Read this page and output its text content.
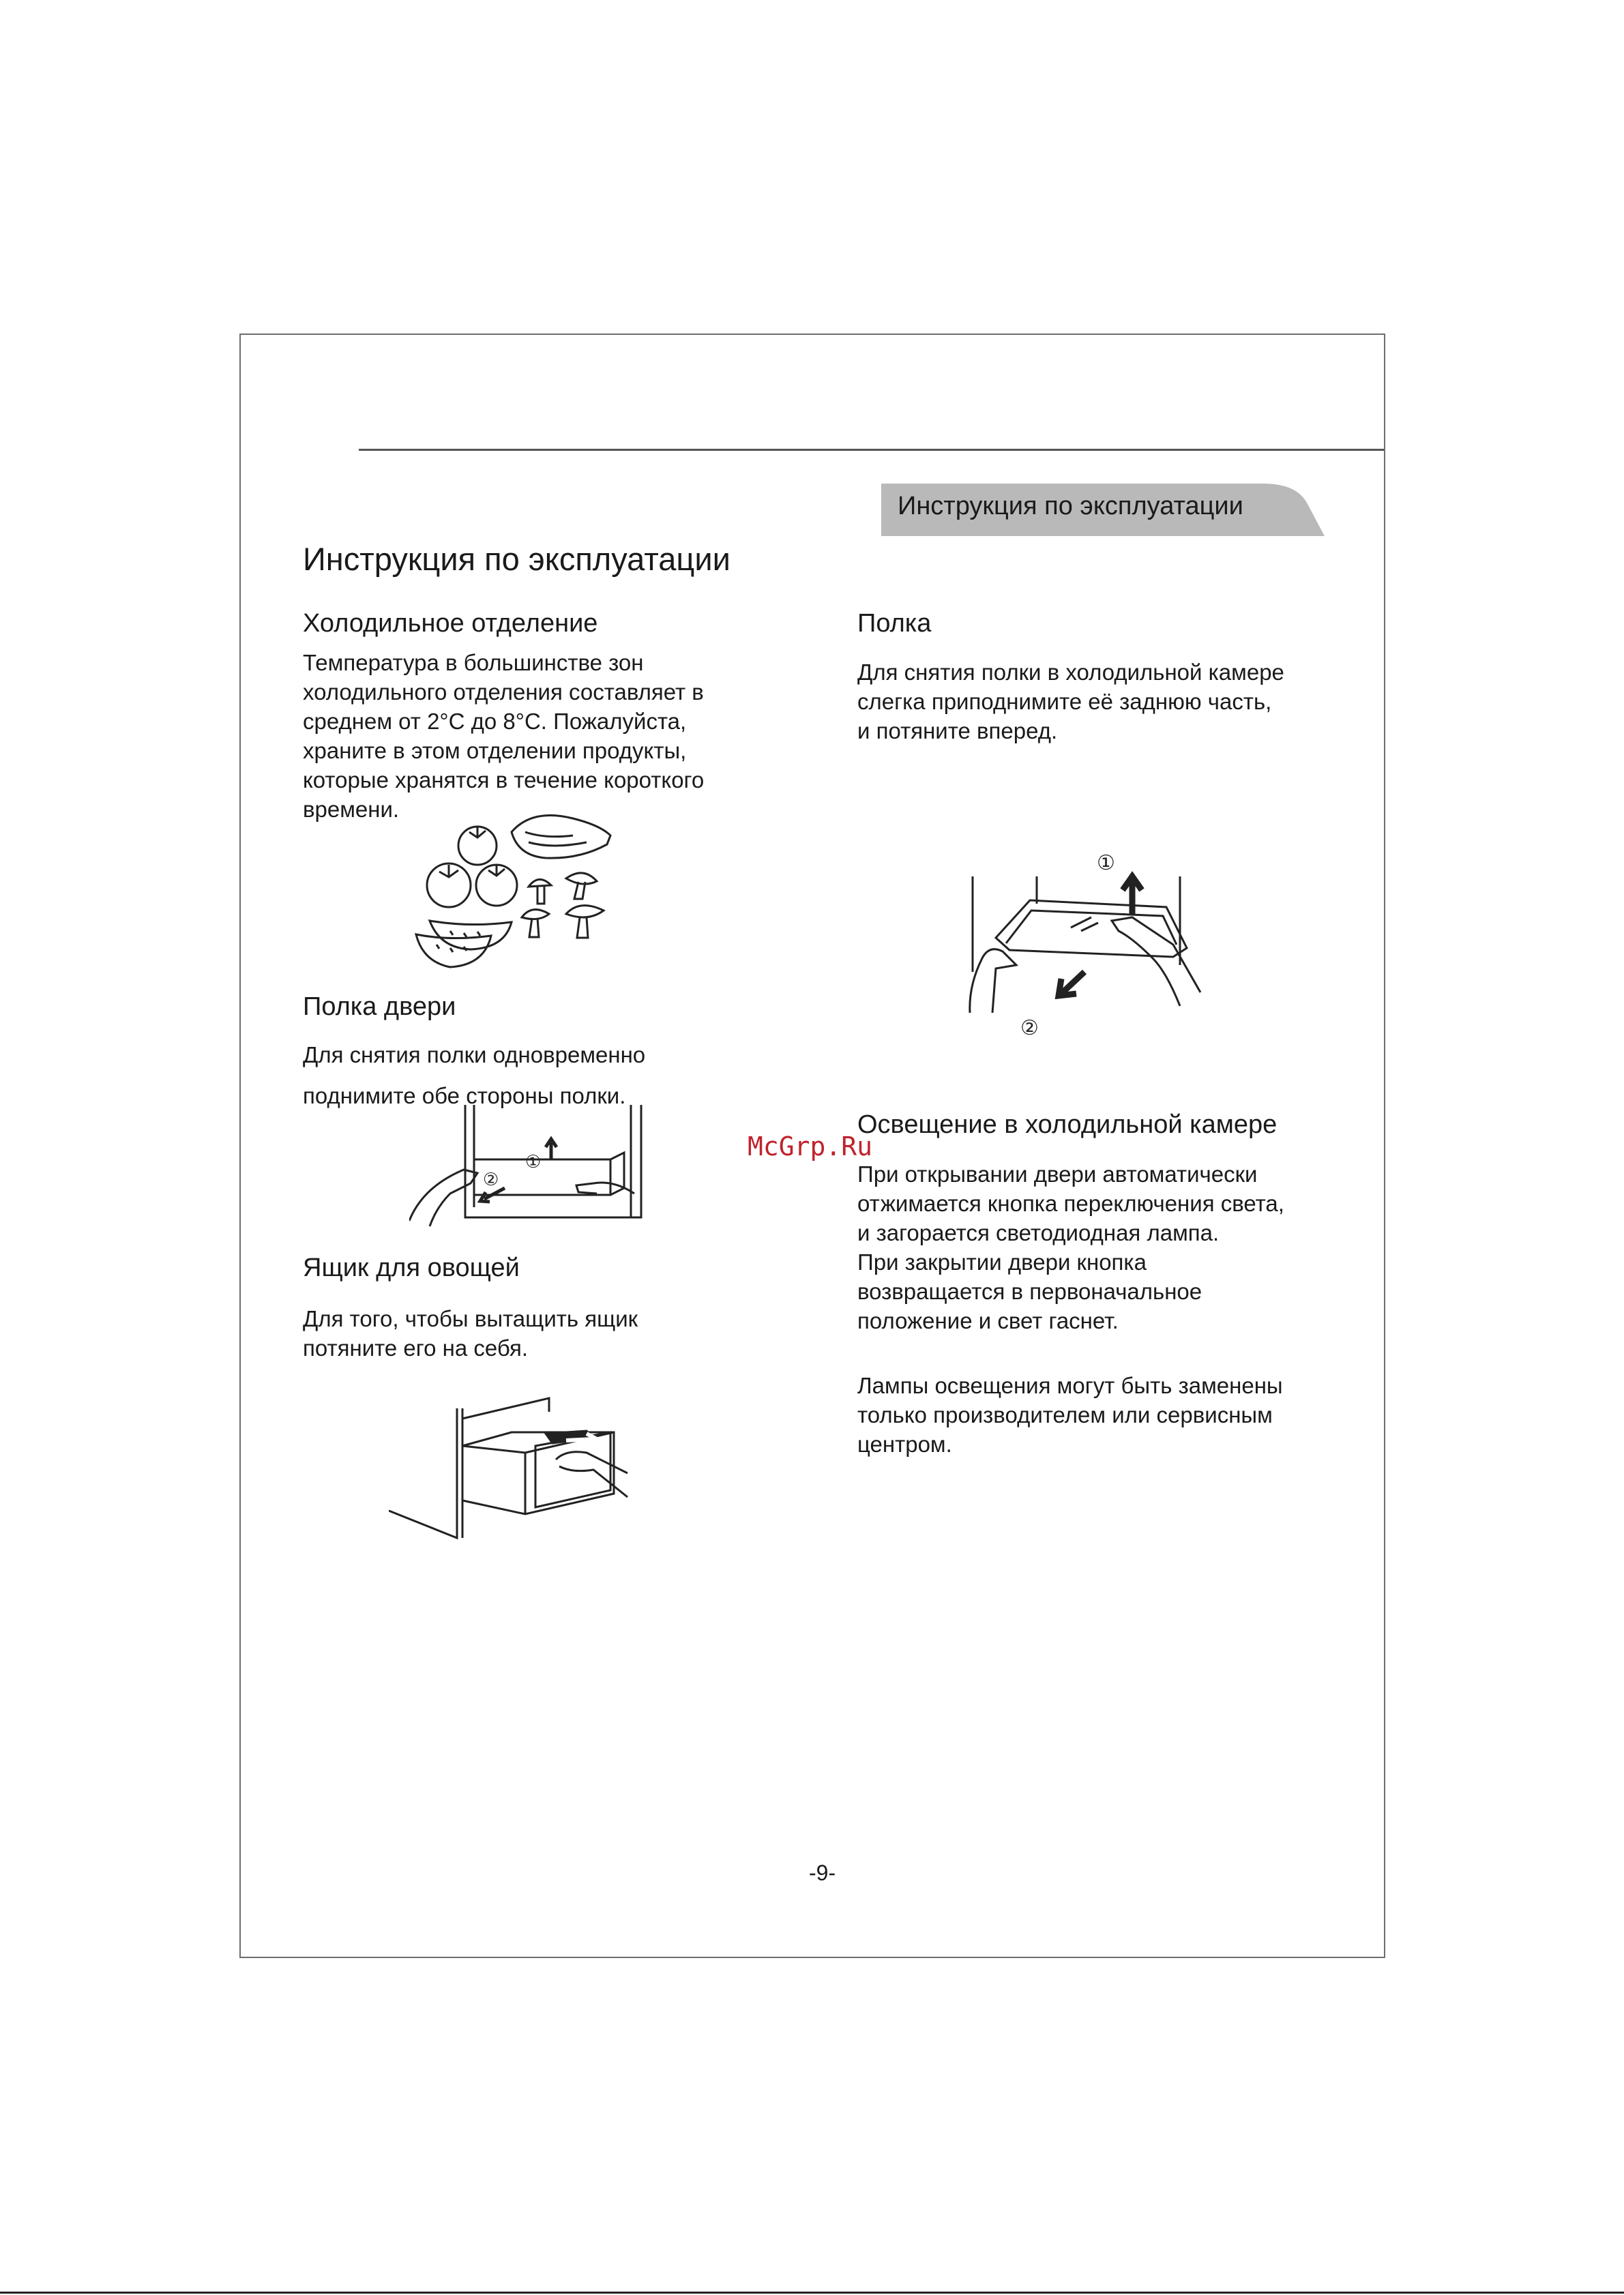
Инструкция по эксплуатации
Инструкция по эксплуатации
Холодильное отделение
Температура в большинстве зон
холодильного отделения составляет в
среднем от 2°С до 8°С. Пожалуйста,
храните в этом отделении продукты,
которые хранятся в течение короткого
времени.
Полка двери
Для снятия полки одновременно
поднимите обе стороны полки.
①
②
Ящик для овощей
Для того, чтобы вытащить ящик
потяните его на себя.
Полка
Для снятия полки в холодильной камере
слегка приподнимите её заднюю часть,
и потяните вперед.
①
②
Освещение в холодильной камере
При открывании двери автоматически
отжимается кнопка переключения света,
и загорается светодиодная лампа.
При закрытии двери кнопка
возвращается в первоначальное
положение и свет гаснет.
Лампы освещения могут быть заменены
только производителем или сервисным
центром.
McGrp.Ru
-9-
